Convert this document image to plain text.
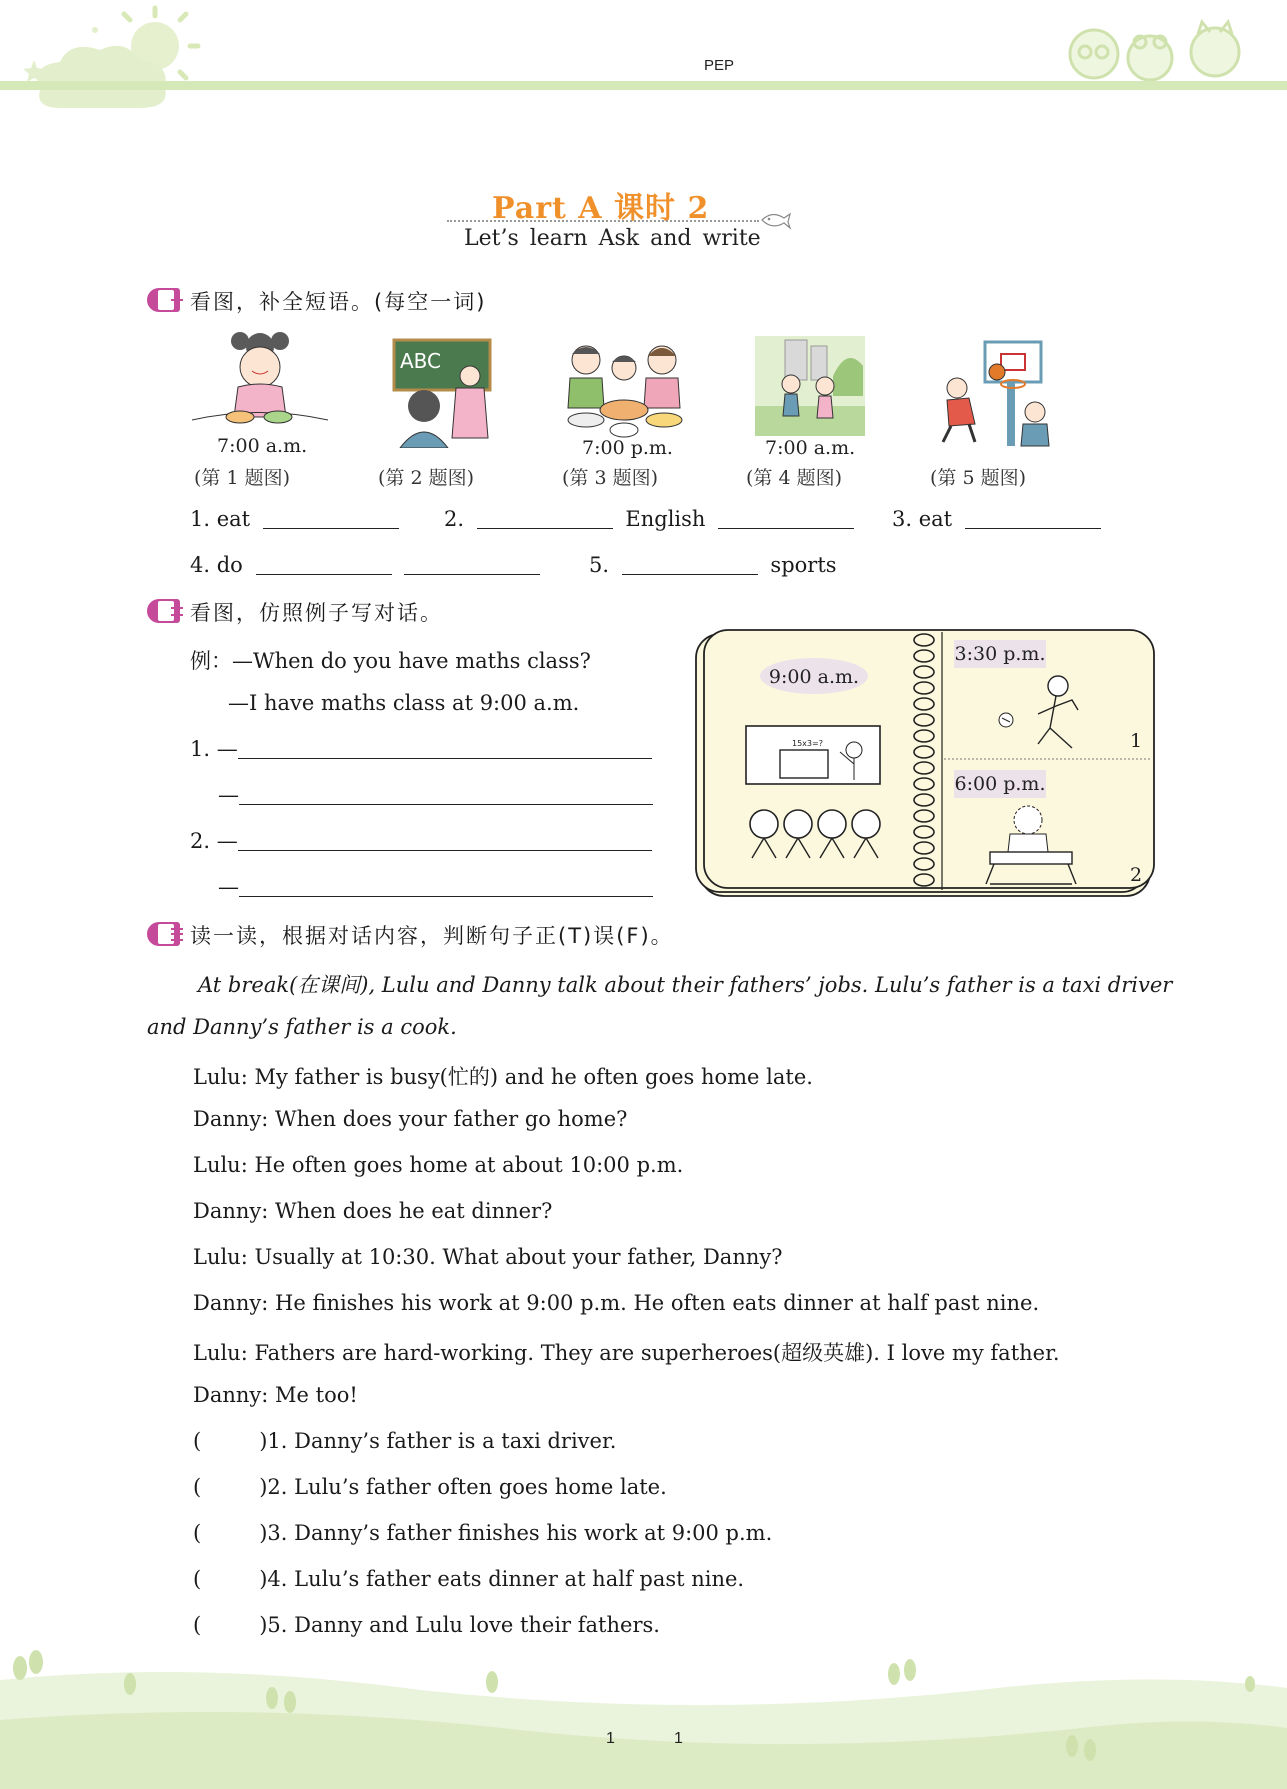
PEP
Part A 课时 2
Let’s learn Ask and write
看图，补全短语。(每空一词)
7:00 a.m.
(第 1 题图)
ABC
(第 2 题图)
7:00 p.m.
(第 3 题图)
7:00 a.m.
(第 4 题图)	(第 5 题图)
1. eat	2.	English	3. eat
4. do	5.	sports
看图，仿照例子写对话。
例：—When do you have maths class?
—I have maths class at 9:00 a.m.
1. —
—
2. —
—
9:00 a.m.
15x3=?
3:30 p.m.
1
6:00 p.m.
2
读一读，根据对话内容，判断句子正(T)误(F)。
At break(在课间), Lulu and Danny talk about their fathers’ jobs. Lulu’s father is a taxi driver
and Danny’s father is a cook.
Lulu: My father is busy(忙的) and he often goes home late.
Danny: When does your father go home?
Lulu: He often goes home at about 10:00 p.m.
Danny: When does he eat dinner?
Lulu: Usually at 10:30. What about your father, Danny?
Danny: He finishes his work at 9:00 p.m. He often eats dinner at half past nine.
Lulu: Fathers are hard-working. They are superheroes(超级英雄). I love my father.
Danny: Me too!
(	)1. Danny’s father is a taxi driver.
(	)2. Lulu’s father often goes home late.
(	)3. Danny’s father finishes his work at 9:00 p.m.
(	)4. Lulu’s father eats dinner at half past nine.
(	)5. Danny and Lulu love their fathers.
1	1
